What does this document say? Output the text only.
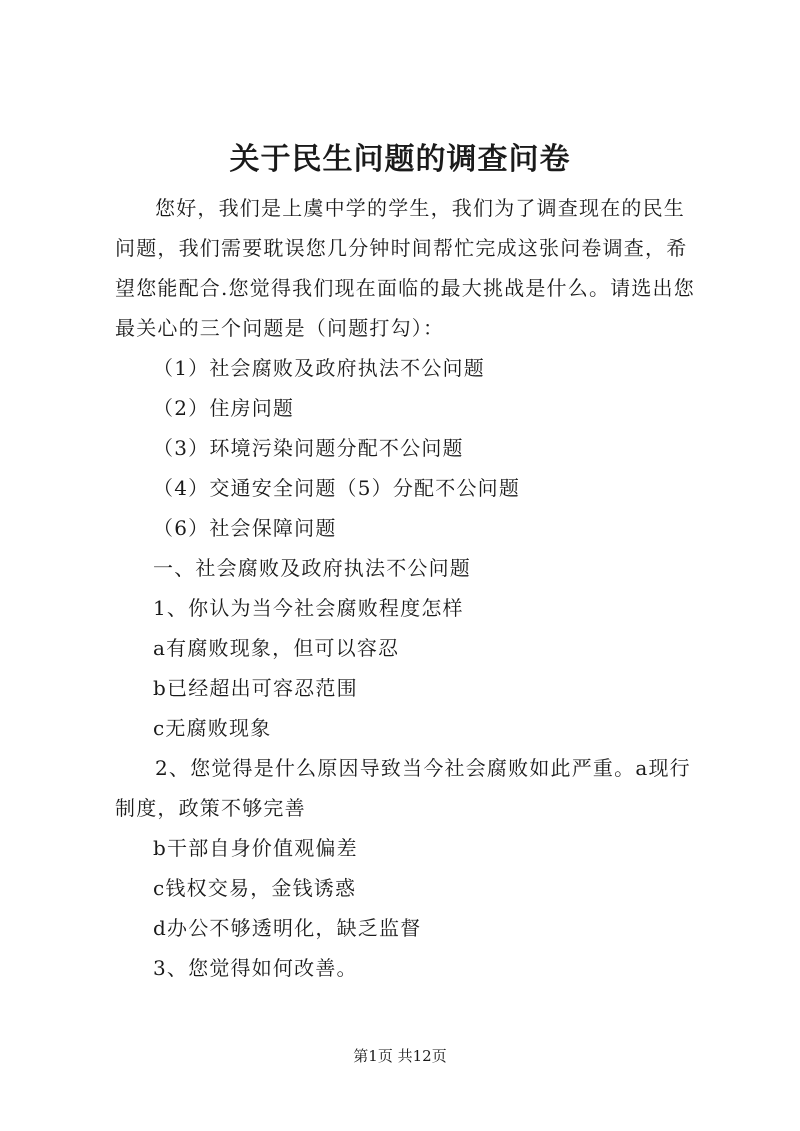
关于民生问题的调查问卷

您好，我们是上虞中学的学生，我们为了调查现在的民生问题，我们需要耽误您几分钟时间帮忙完成这张问卷调查，希望您能配合.您觉得我们现在面临的最大挑战是什么。请选出您最关心的三个问题是（问题打勾）：

（1）社会腐败及政府执法不公问题

（2）住房问题

（3）环境污染问题分配不公问题

（4）交通安全问题（5）分配不公问题

（6）社会保障问题

一、社会腐败及政府执法不公问题

1、你认为当今社会腐败程度怎样

a有腐败现象，但可以容忍

b已经超出可容忍范围

c无腐败现象

2、您觉得是什么原因导致当今社会腐败如此严重。a现行制度，政策不够完善

b干部自身价值观偏差

c钱权交易，金钱诱惑

d办公不够透明化，缺乏监督

3、您觉得如何改善。

第1页 共12页
